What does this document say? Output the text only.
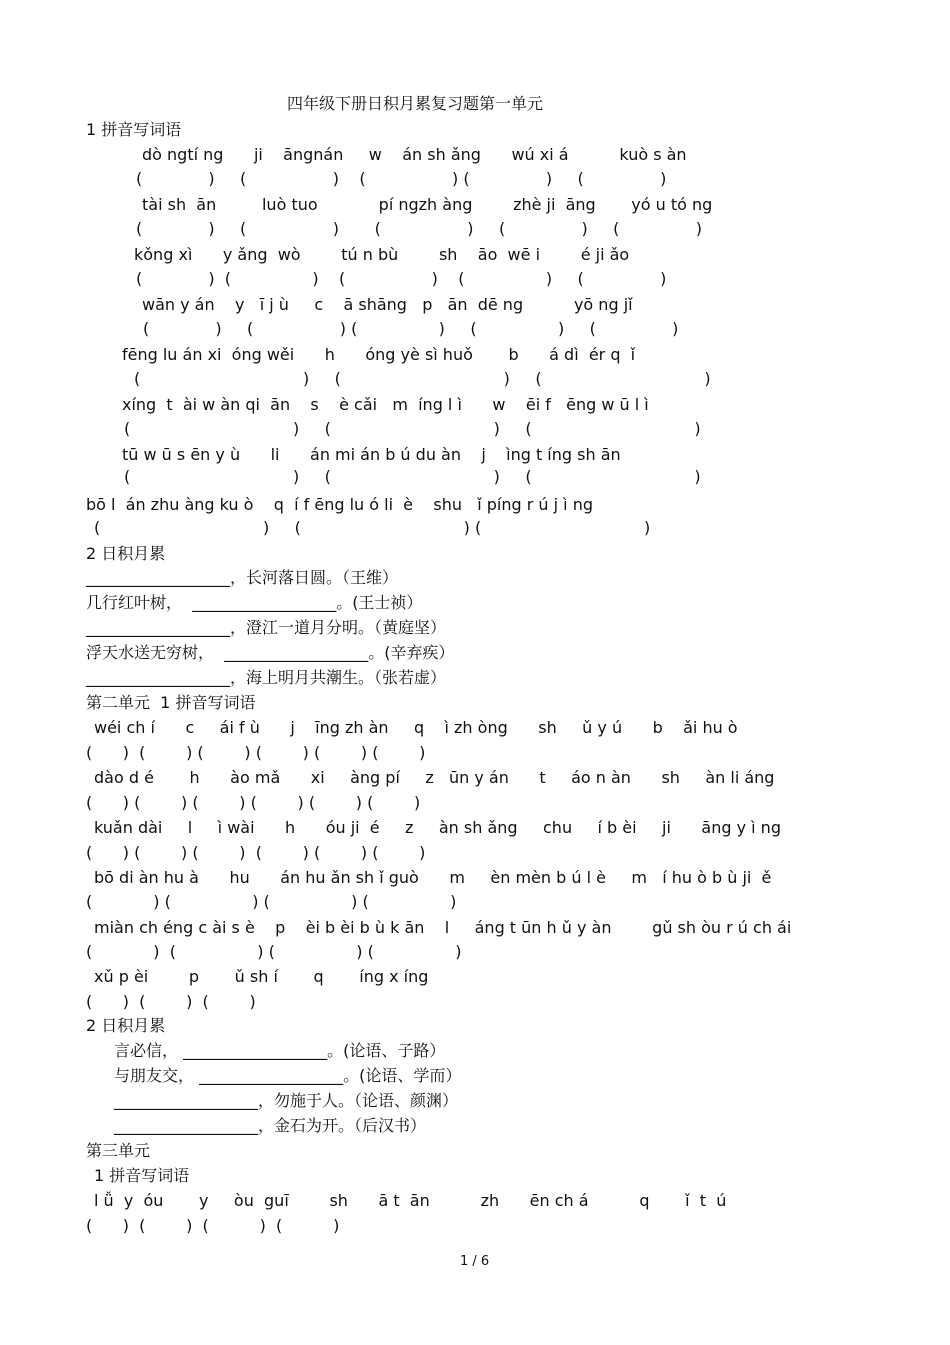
四年级下册日积月累复习题第一单元
1 拼音写词语
dò ngtí ng      ji    āngnán     w    án sh ǎng      wú xi á          kuò s àn
(             )     (                 )    (                 ) (               )     (               )
tài sh  ān         luò tuo            pí ngzh àng        zhè ji  āng       yó u tó ng
(             )     (                 )       (                 )     (               )     (               )
kǒng xì      y ǎng  wò        tú n bù        sh    āo  wē i        é ji ǎo
(             )  (                )    (                 )    (                )     (               )
wān y án    y   ī j ù     c    ā shāng   p   ān  dē ng          yō ng jǐ
(             )     (                 ) (                )     (                )     (               )
fēng lu án xi  óng wěi      h      óng yè sì huǒ       b      á dì  ér q  ǐ
(                                )     (                                )     (                                )
xíng  t  ài w àn qi  ān    s    è cǎi   m  íng l ì      w    ēi f   ēng w ū l ì
(                                )     (                                )     (                                )
tū w ū s ēn y ù      li      án mi án b ú du àn    j    ìng t íng sh ān
(                                )     (                                )     (                                )
bō l  án zhu àng ku ò    q  í f ēng lu ó li  è    shu   ǐ píng r ú j ì ng
(                                )     (                                ) (                                )
2 日积月累
__________________，长河落日圆。（王维）
几行红叶树， __________________。(王士祯）
__________________，澄江一道月分明。（黄庭坚）
浮天水送无穷树， __________________。(辛弃疾）
__________________，海上明月共潮生。（张若虚）
第二单元  1 拼音写词语
wéi ch í      c     ái f ù      j    īng zh àn     q    ì zh òng      sh     ǔ y ú      b    ǎi hu ò
(      )  (        ) (        ) (        ) (        ) (        )
dào d é       h      ào mǎ      xi     àng pí     z   ūn y án      t     áo n àn      sh     àn li áng
(      ) (        ) (        ) (        ) (        ) (        )
kuǎn dài     l     ì wài      h      óu ji  é     z     àn sh ǎng     chu     í b èi     ji      āng y ì ng
(      ) (        ) (        )  (        ) (        ) (        )
bō di àn hu à      hu      án hu ǎn sh ǐ guò      m     èn mèn b ú l è     m   í hu ò b ù ji  ě
(            ) (                ) (                ) (                )
miàn ch éng c ài s è    p    èi b èi b ù k ān    l     áng t ūn h ǔ y àn        gǔ sh òu r ú ch ái
(            )  (                ) (                ) (                )
xǔ p èi        p       ǔ sh í       q       íng x íng
(      )  (        )  (        )
2 日积月累
言必信， __________________。(论语、子路）
与朋友交， __________________。(论语、学而）
__________________，勿施于人。（论语、颜渊）
__________________，金石为开。（后汉书）
第三单元
1 拼音写词语
l ǚ  y  óu       y     òu  guī        sh      ā t  ān          zh      ēn ch á          q       ǐ  t  ú
(      )  (        )  (          )  (          )
1 / 6
